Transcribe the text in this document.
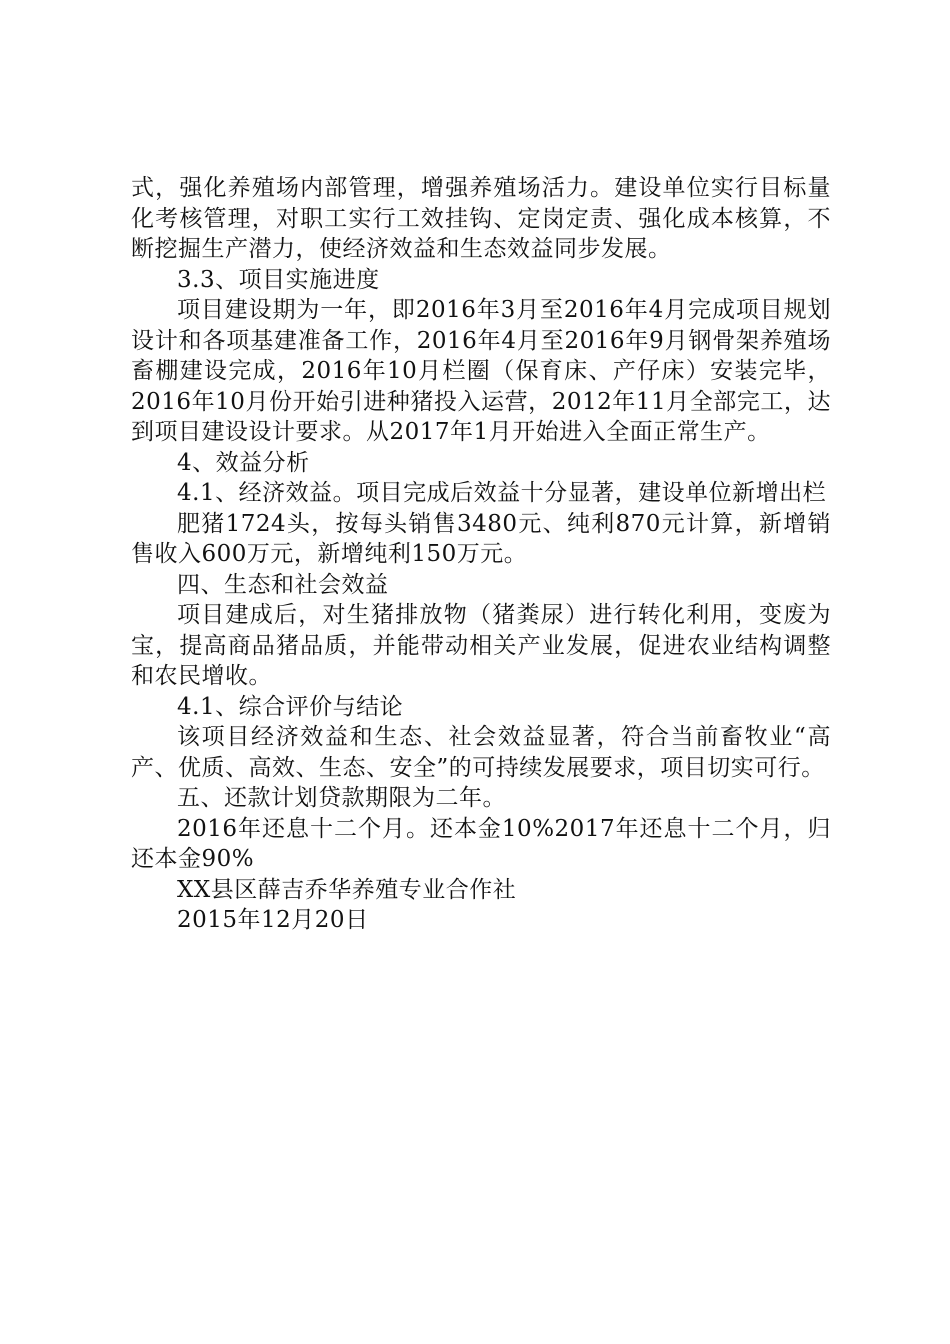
式，强化养殖场内部管理，增强养殖场活力。建设单位实行目标量化考核管理，对职工实行工效挂钩、定岗定责、强化成本核算，不断挖掘生产潜力，使经济效益和生态效益同步发展。

3.3、项目实施进度

项目建设期为一年，即2016年3月至2016年4月完成项目规划设计和各项基建准备工作，2016年4月至2016年9月钢骨架养殖场畜棚建设完成，2016年10月栏圈（保育床、产仔床）安装完毕，2016年10月份开始引进种猪投入运营，2012年11月全部完工，达到项目建设设计要求。从2017年1月开始进入全面正常生产。

4、效益分析

4.1、经济效益。项目完成后效益十分显著，建设单位新增出栏

肥猪1724头，按每头销售3480元、纯利870元计算，新增销售收入600万元，新增纯利150万元。

四、生态和社会效益

项目建成后，对生猪排放物（猪粪尿）进行转化利用，变废为宝，提高商品猪品质，并能带动相关产业发展，促进农业结构调整和农民增收。

4.1、综合评价与结论

该项目经济效益和生态、社会效益显著，符合当前畜牧业“高产、优质、高效、生态、安全”的可持续发展要求，项目切实可行。

五、还款计划贷款期限为二年。

2016年还息十二个月。还本金10%2017年还息十二个月，归还本金90%

XX县区薛吉乔华养殖专业合作社

2015年12月20日
